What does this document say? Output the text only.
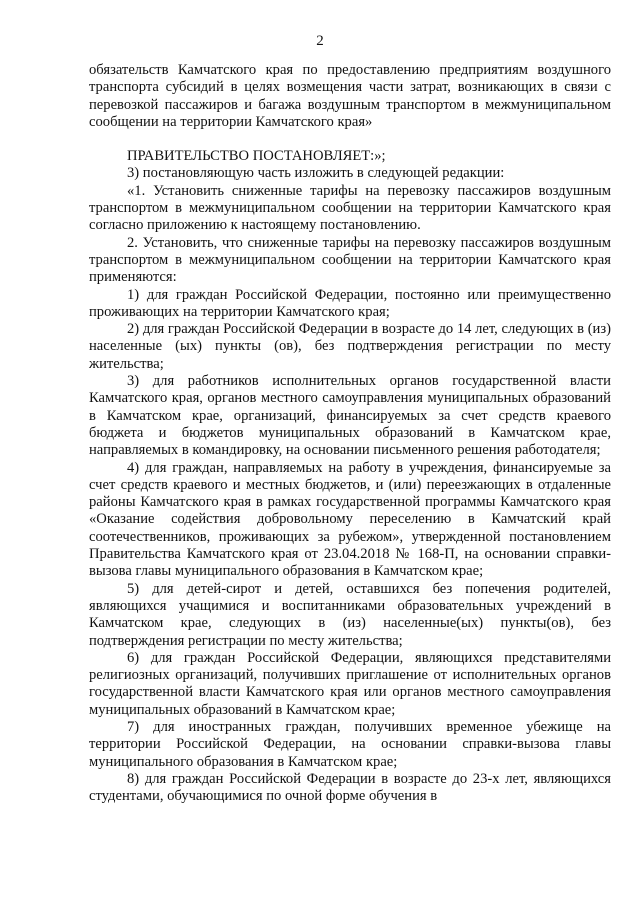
2

обязательств Камчатского края по предоставлению предприятиям воздушного транспорта субсидий в целях возмещения части затрат, возникающих в связи с перевозкой пассажиров и багажа воздушным транспортом в межмуниципальном сообщении на территории Камчатского края»

ПРАВИТЕЛЬСТВО ПОСТАНОВЛЯЕТ:»;

3) постановляющую часть изложить в следующей редакции:

«1. Установить сниженные тарифы на перевозку пассажиров воздушным транспортом в межмуниципальном сообщении на территории Камчатского края согласно приложению к настоящему постановлению.

2. Установить, что сниженные тарифы на перевозку пассажиров воздушным транспортом в межмуниципальном сообщении на территории Камчатского края применяются:

1) для граждан Российской Федерации, постоянно или преимущественно проживающих на территории Камчатского края;

2) для граждан Российской Федерации в возрасте до 14 лет, следующих в (из) населенные (ых) пункты (ов), без подтверждения регистрации по месту жительства;

3) для работников исполнительных органов государственной власти Камчатского края, органов местного самоуправления муниципальных образований в Камчатском крае, организаций, финансируемых за счет средств краевого бюджета и бюджетов муниципальных образований в Камчатском крае, направляемых в командировку, на основании письменного решения работодателя;

4) для граждан, направляемых на работу в учреждения, финансируемые за счет средств краевого и местных бюджетов, и (или) переезжающих в отдаленные районы Камчатского края в рамках государственной программы Камчатского края «Оказание содействия добровольному переселению в Камчатский край соотечественников, проживающих за рубежом», утвержденной постановлением Правительства Камчатского края от 23.04.2018 № 168-П, на основании справки-вызова главы муниципального образования в Камчатском крае;

5) для детей-сирот и детей, оставшихся без попечения родителей, являющихся учащимися и воспитанниками образовательных учреждений в Камчатском крае, следующих в (из) населенные(ых) пункты(ов), без подтверждения регистрации по месту жительства;

6) для граждан Российской Федерации, являющихся представителями религиозных организаций, получивших приглашение от исполнительных органов государственной власти Камчатского края или органов местного самоуправления муниципальных образований в Камчатском крае;

7) для иностранных граждан, получивших временное убежище на территории Российской Федерации, на основании справки-вызова главы муниципального образования в Камчатском крае;

8) для граждан Российской Федерации в возрасте до 23-х лет, являющихся студентами, обучающимися по очной форме обучения в
